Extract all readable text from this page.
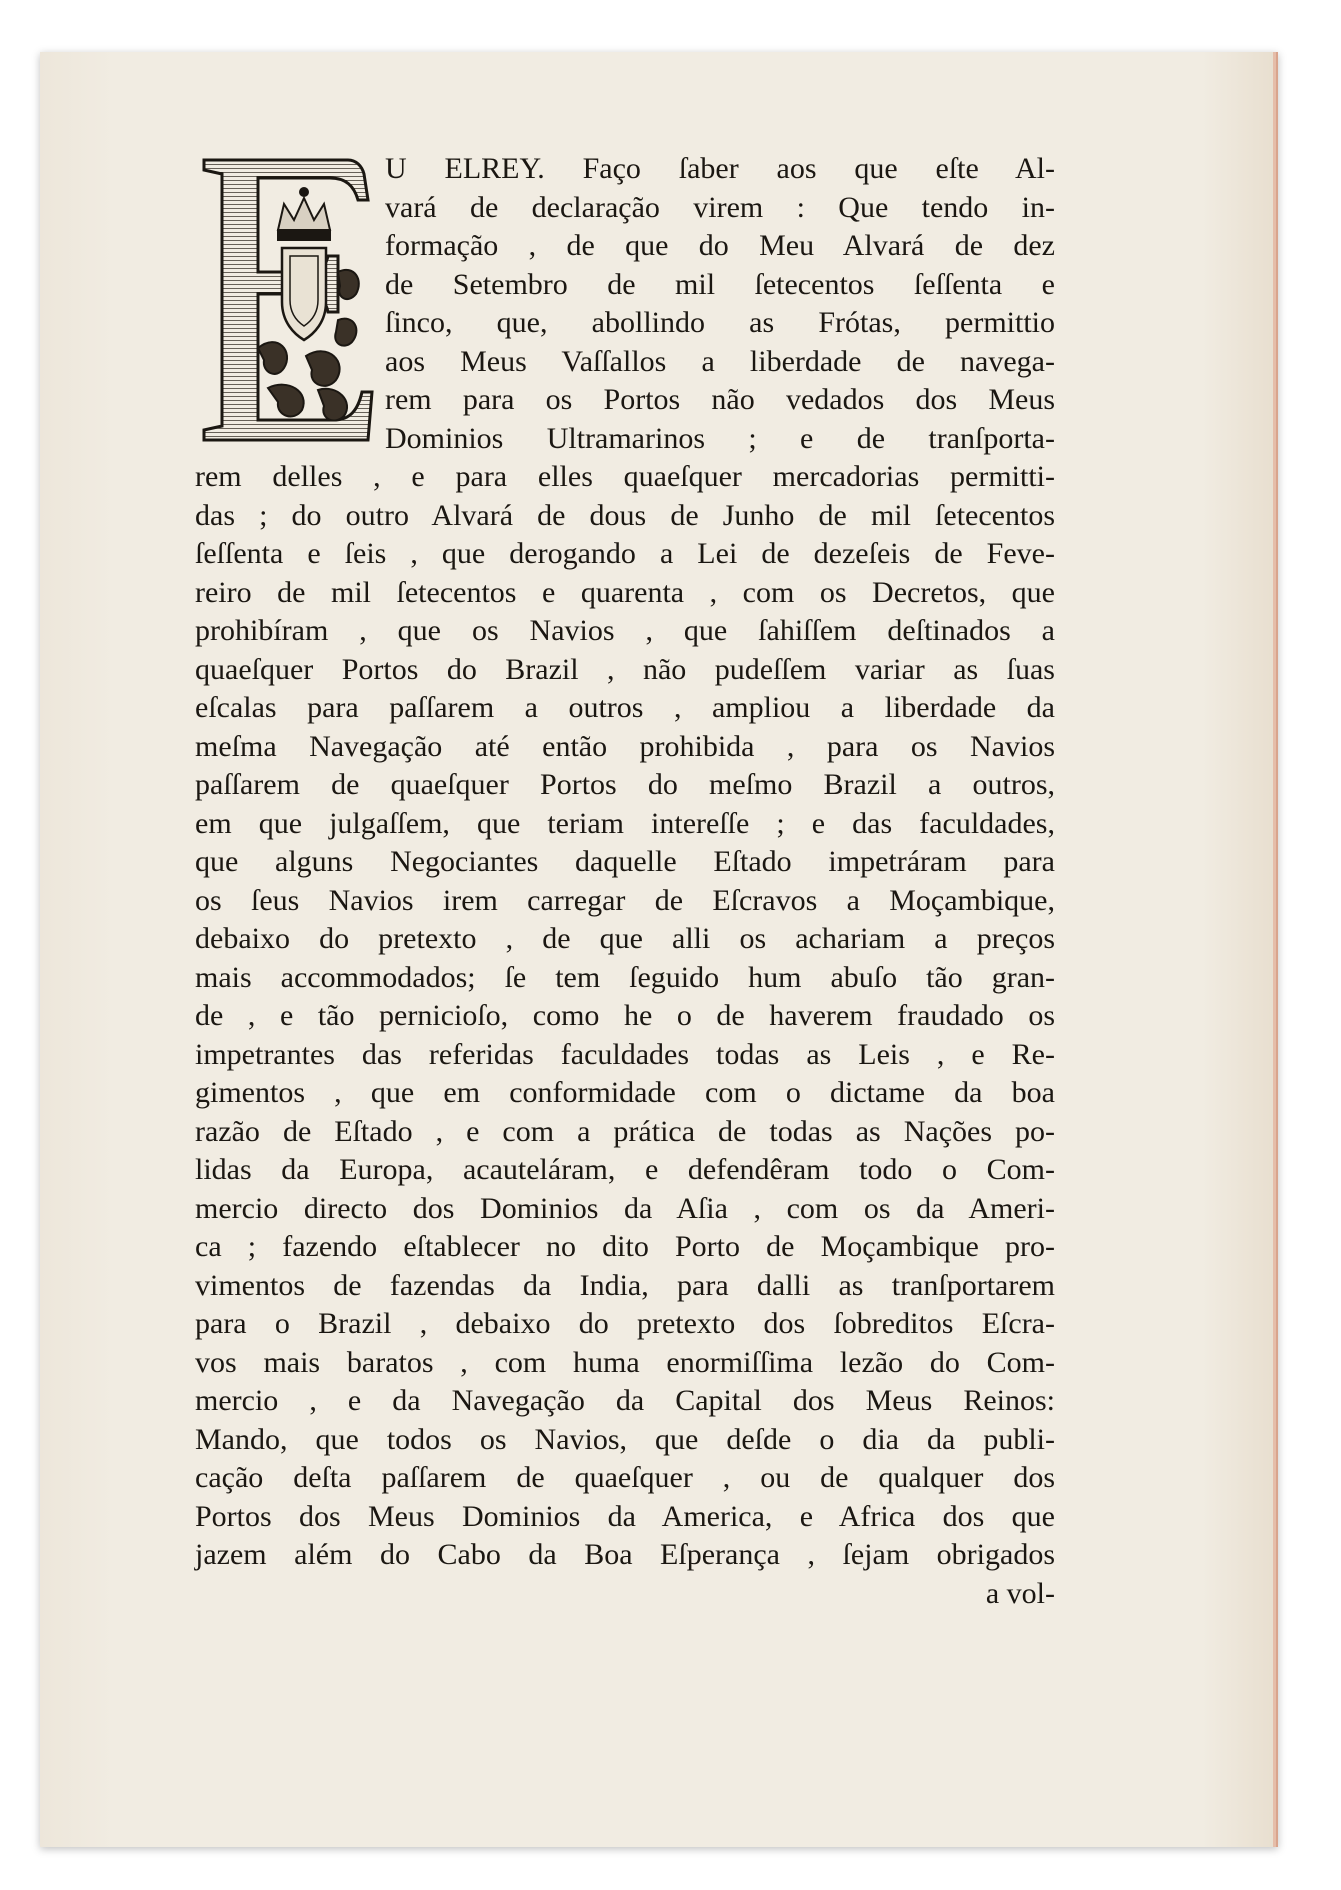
U ELREY. Faço ſaber aos que eſte Al-
vará de declaração virem : Que tendo in-
formação , de que do Meu Alvará de dez
de Setembro de mil ſetecentos ſeſſenta e
ſinco, que, abollindo as Frótas, permittio
aos Meus Vaſſallos a liberdade de navega-
rem para os Portos não vedados dos Meus
Dominios Ultramarinos ; e de tranſporta-
rem delles , e para elles quaeſquer mercadorias permitti-
das ; do outro Alvará de dous de Junho de mil ſetecentos
ſeſſenta e ſeis , que derogando a Lei de dezeſeis de Feve-
reiro de mil ſetecentos e quarenta , com os Decretos, que
prohibíram , que os Navios , que ſahiſſem deſtinados a
quaeſquer Portos do Brazil , não pudeſſem variar as ſuas
eſcalas para paſſarem a outros , ampliou a liberdade da
meſma Navegação até então prohibida , para os Navios
paſſarem de quaeſquer Portos do meſmo Brazil a outros,
em que julgaſſem, que teriam intereſſe ; e das faculdades,
que alguns Negociantes daquelle Eſtado impetráram para
os ſeus Navios irem carregar de Eſcravos a Moçambique,
debaixo do pretexto , de que alli os achariam a preços
mais accommodados; ſe tem ſeguido hum abuſo tão gran-
de , e tão pernicioſo, como he o de haverem fraudado os
impetrantes das referidas faculdades todas as Leis , e Re-
gimentos , que em conformidade com o dictame da boa
razão de Eſtado , e com a prática de todas as Nações po-
lidas da Europa, acauteláram, e defendêram todo o Com-
mercio directo dos Dominios da Aſia , com os da Ameri-
ca ; fazendo eſtablecer no dito Porto de Moçambique pro-
vimentos de fazendas da India, para dalli as tranſportarem
para o Brazil , debaixo do pretexto dos ſobreditos Eſcra-
vos mais baratos , com huma enormiſſima lezão do Com-
mercio , e da Navegação da Capital dos Meus Reinos:
Mando, que todos os Navios, que deſde o dia da publi-
cação deſta paſſarem de quaeſquer , ou de qualquer dos
Portos dos Meus Dominios da America, e Africa dos que
jazem além do Cabo da Boa Eſperança , ſejam obrigados
a vol-
